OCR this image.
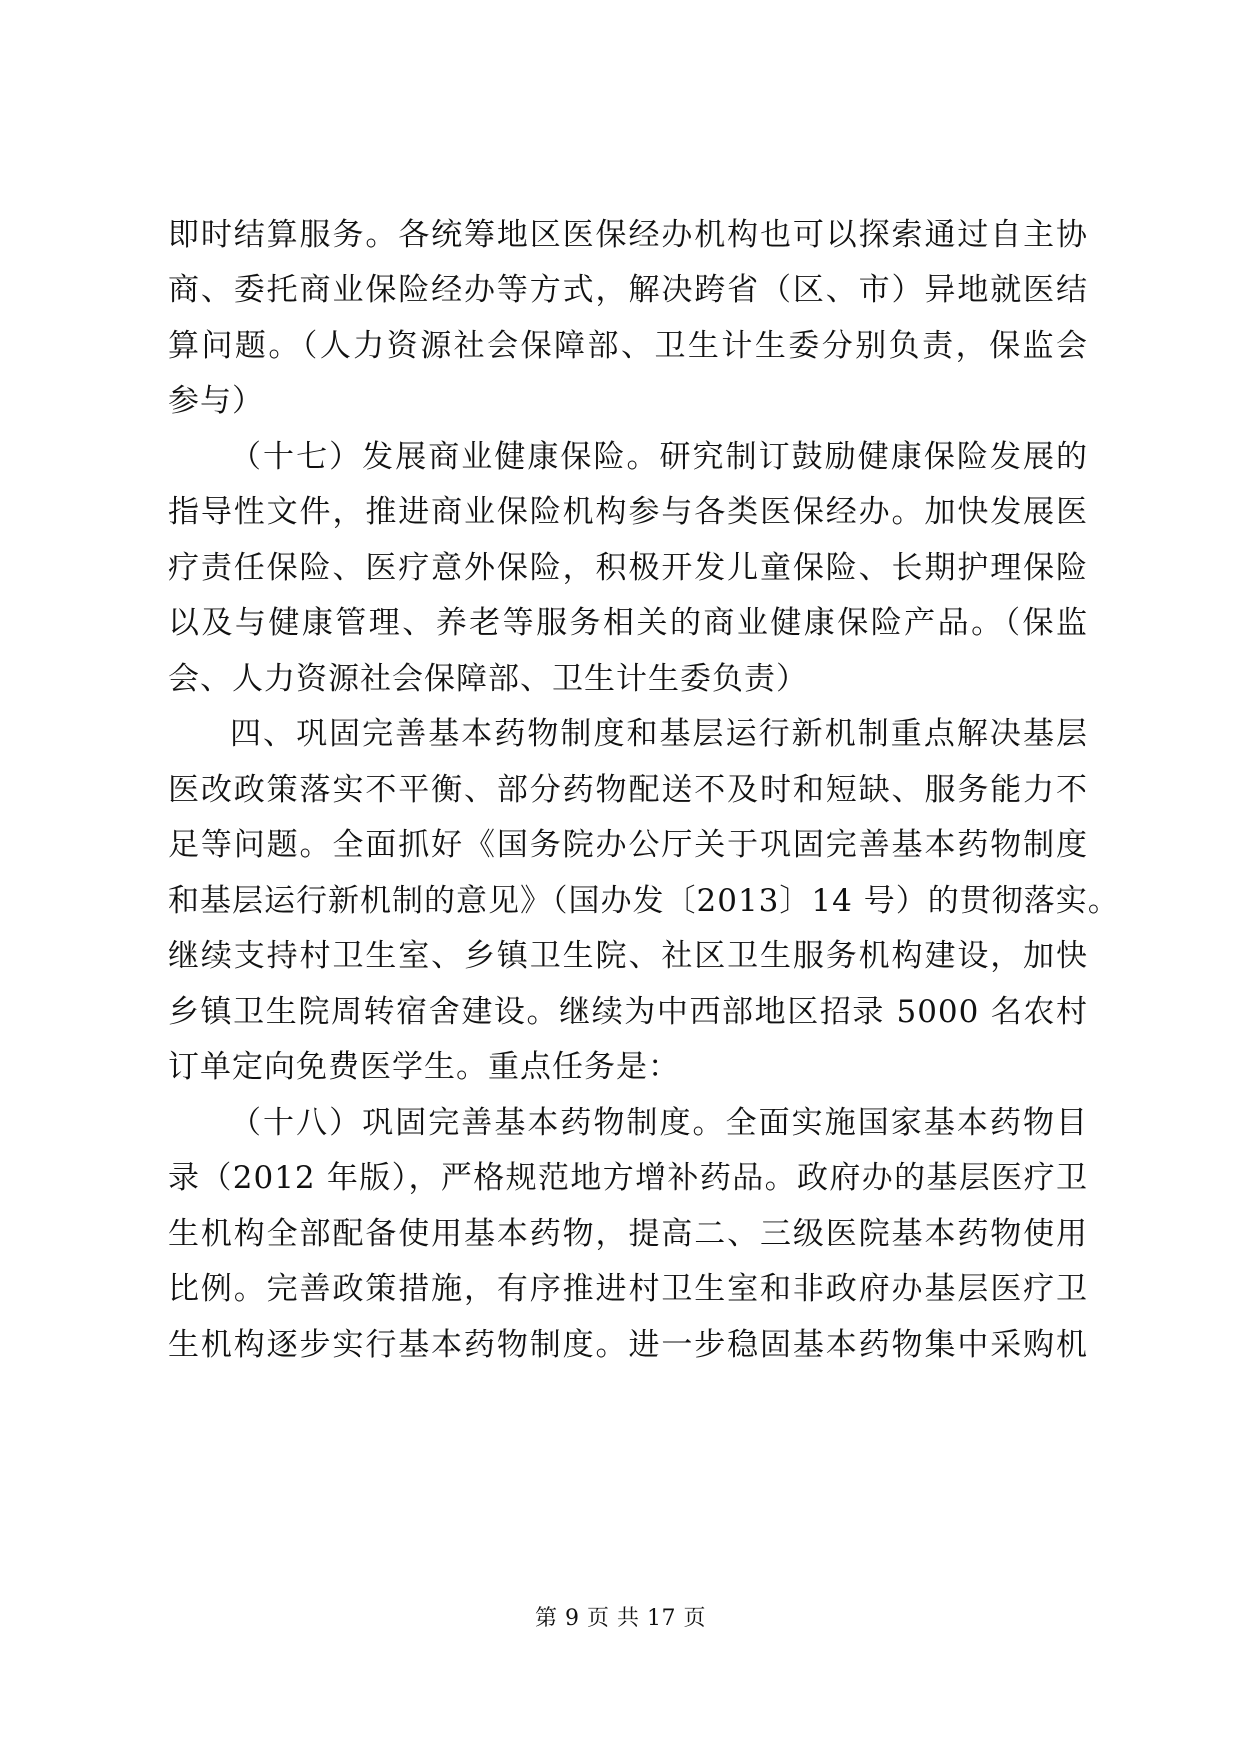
即时结算服务。各统筹地区医保经办机构也可以探索通过自主协
商、委托商业保险经办等方式，解决跨省（区、市）异地就医结
算问题。（人力资源社会保障部、卫生计生委分别负责，保监会
参与）
（十七）发展商业健康保险。研究制订鼓励健康保险发展的
指导性文件，推进商业保险机构参与各类医保经办。加快发展医
疗责任保险、医疗意外保险，积极开发儿童保险、长期护理保险
以及与健康管理、养老等服务相关的商业健康保险产品。（保监
会、人力资源社会保障部、卫生计生委负责）
四、巩固完善基本药物制度和基层运行新机制重点解决基层
医改政策落实不平衡、部分药物配送不及时和短缺、服务能力不
足等问题。全面抓好《国务院办公厅关于巩固完善基本药物制度
和基层运行新机制的意见》（国办发〔2013〕14 号）的贯彻落实。
继续支持村卫生室、乡镇卫生院、社区卫生服务机构建设，加快
乡镇卫生院周转宿舍建设。继续为中西部地区招录 5000 名农村
订单定向免费医学生。重点任务是：
（十八）巩固完善基本药物制度。全面实施国家基本药物目
录（2012 年版），严格规范地方增补药品。政府办的基层医疗卫
生机构全部配备使用基本药物，提高二、三级医院基本药物使用
比例。完善政策措施，有序推进村卫生室和非政府办基层医疗卫
生机构逐步实行基本药物制度。进一步稳固基本药物集中采购机
第 9 页 共 17 页
